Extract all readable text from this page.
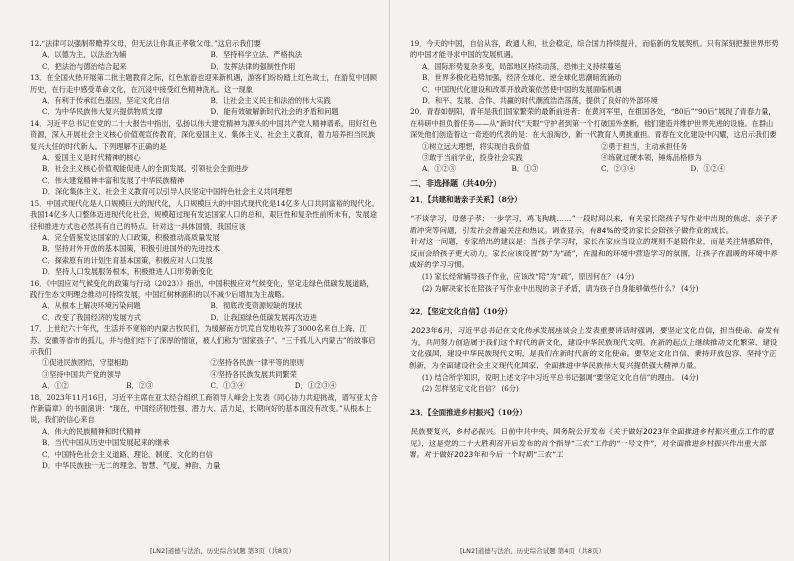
12.“法律可以强制带赡养父母，但无法让你真正孝敬父母。”这启示我们要

A．以德为主，以法治为辅	B．坚持科学立法、严格执法
C．把法治与德治结合起来	D．发挥法律的强制性作用

13．在全国火热开展第二批主题教育之际，红色旅游也迎来新机遇，游客们纷纷踏上红色故土，在游览中回顾历史，在行走中感受革命文化，在沉浸中接受红色精神洗礼。这一现象

A．有利于传承红色基因，坚定文化自信	B．让社会主义民主和法治的伟大实践
C．为中华民族伟大复兴提供物质支撑	D．能有效破解新时代社会的矛盾和问题

14．习近平总书记在党的二十大报告中指出，弘扬以伟大建党精神为源头的中国共产党人精神谱系，用好红色资源，深入开展社会主义核心价值观宣传教育，深化爱国主义、集体主义、社会主义教育，着力培养担当民族复兴大任的时代新人。下列理解不正确的是

A．爱国主义是时代精神的核心

B．社会主义核心价值观能促进人的全面发展，引领社会全面进步

C．伟大建党精神丰富和发展了中华民族精神

D．深化集体主义、社会主义教育可以引导人民坚定中国特色社会主义共同理想

15．中国式现代化是人口规模巨大的现代化，人口规模巨大的中国式现代化是14亿多人口共同富裕的现代化。我国14亿多人口整体迈进现代化社会，规模超过现有发达国家人口的总和，艰巨性和复杂性前所未有，发展途径和推进方式也必然具有自己的特点。针对这一具体国情，我国应该

A．完全借鉴发达国家的人口政策，积极推动高质量发展

B．坚持对外开放的基本国策，积极引进国外的先进技术

C．探索原有的计划生育基本国策，积极应对人口发展

D．坚持人口发展服务根本，积极推进人口形势新变化

16．《中国应对气候变化的政策与行动（2023）》指出，中国积极应对气候变化，坚定走绿色低碳发展道路，践行生态文明理念推动可持续发展，中国红树林面积的以不减少后增加为主战略。

A．从根本上解决环境污染问题	B．彻底改变资源短缺的现状
C．改变了我国经济的发展方式	D．让我国绿色低碳发展再次迈进

17．上世纪六十年代，生活并不宽裕的内蒙古牧民们，为缓解南方饥荒自发地收养了3000名来自上海、江苏、安徽等省市的孤儿，并与他们结下了深厚的情谊，被人们称为“国家孩子”。“三千孤儿入内蒙古”的故事启示我们

①促进民族团结，守望相助	②坚持各民族一律平等的原则
③坚持中国共产党的领导	④坚持各民族发展共同繁荣
A．①②	B．②③	C．①③④	D．①②③④

18．2023年11月16日，习近平主席在亚太经合组织工商领导人峰会上发表《同心协力共迎挑战，谱写亚太合作新篇章》的书面演讲：“现在，中国经济韧性强、潜力大、活力足，长期向好的基本面没有改变。”从根本上说，我们的信心来自

A．伟大的民族精神和时代精神

B．当代中国从历史中国发展起来的继承

C．中国特色社会主义道路、理论、制度、文化的自信

D．中华民族独一无二的理念、智慧、气度、神韵、力量

19．今天的中国，自信从容，政通人和，社会稳定，综合国力持续提升，而临新的发展契机。只有深刻把握世界形势的中国才能寻求中国的发展机遇。

A．国际形势复杂多变，局部地区持续动荡，恐怖主义持续蔓延

B．世界多极化趋势加强，经济全球化、逆全球化思潮暗流涌动

C．中国现代化建设和改革开放政策依然使中国的发展面临机遇

D．和平、发展、合作、共赢的时代潮流浩浩荡荡，提供了良好的外部环境

20．青春如朝阳，青年是我们国家繁荣的最新前进者：在黄河军里，在祖国各处，“80后”“90后”展现了青春力量，在科研中担负着任务——从“新时代”天眼“守护者到第一个打破国外垄断，他们建造并维护世界先进的设施。在群山深处他们创造着这一奇迹的代表的是：在大浪淘沙，新一代教育人勇挑重担。青春在文化建设中闪耀，这启示我们要

①树立远大理想，将实现自我价值	②勇于担当，主动承担任务
③敢于当前学业，投身社会实践	④练就过硬本领，锤炼品格修为
A．①②③	B．①③	C．②③④	D．①②④

二、非选择题（共40分）

21．【共建和谐亲子关系】（8分）

“不谈学习，母慈子孝；一步学习，鸡飞狗跳……”一段时间以来，有关家长陪孩子写作业中出现的焦虑、亲子矛盾冲突等问题，引发社会普遍关注和热议。调查显示，有84%的受访家长会陪孩子做作业的成长。

针对这一问题，专家给出的建议是：当孩子学习时，家长在家应当设立的规则不是陪作业，而是关注情感陪伴，反而会给孩子更大动力，家长应该设置“防”为“疏”，在温和的环境中营造学习的氛围，让孩子在温暖的环境中养成好的学习习惯。

(1) 家长经常辅导孩子作业，应该改“陪”为“疏”，原因何在？ (4分)

(2) 为解决家长在陪孩子写作业中出现的亲子矛盾，请为孩子自身能够做些什么？ (4分)

22．【坚定文化自信】（10分）

2023年6月，习近平总书记在文化传承发展座谈会上发表重要讲话时强调，要坚定文化自信，担当使命、奋发有为，共同努力创造属于我们这个时代的新文化，建设中华民族现代文明。在新的起点上继续推动文化繁荣、建设文化强国，建设中华民族现代文明，是我们在新时代新的文化使命。要坚定文化自信、秉持开放包容、坚持守正创新，为全面建设社会主义现代化国家、全面推进中华民族伟大复兴提供强大精神力量。

(1) 结合所学知识，说明上述文字中习近平总书记强调“要坚定文化自信”的理由。 (4分)

(2) 怎样坚定文化自信？ (6分)

23．【全面推进乡村振兴】（10分）

民族要复兴，乡村必振兴。日前中共中央、国务院公开发布《关于做好2023年全面推进乡村振兴重点工作的意见》，这是党的二十大胜利召开后发布的首个指导“三农”工作的“一号文件”，对全面推进乡村振兴作出重大部署。对于做好2023年和今后一个时期“三农”工

[LN2]道德与法治、历史综合试题 第3页（共8页）	[LN2]道德与法治、历史综合试题 第4页（共8页）
